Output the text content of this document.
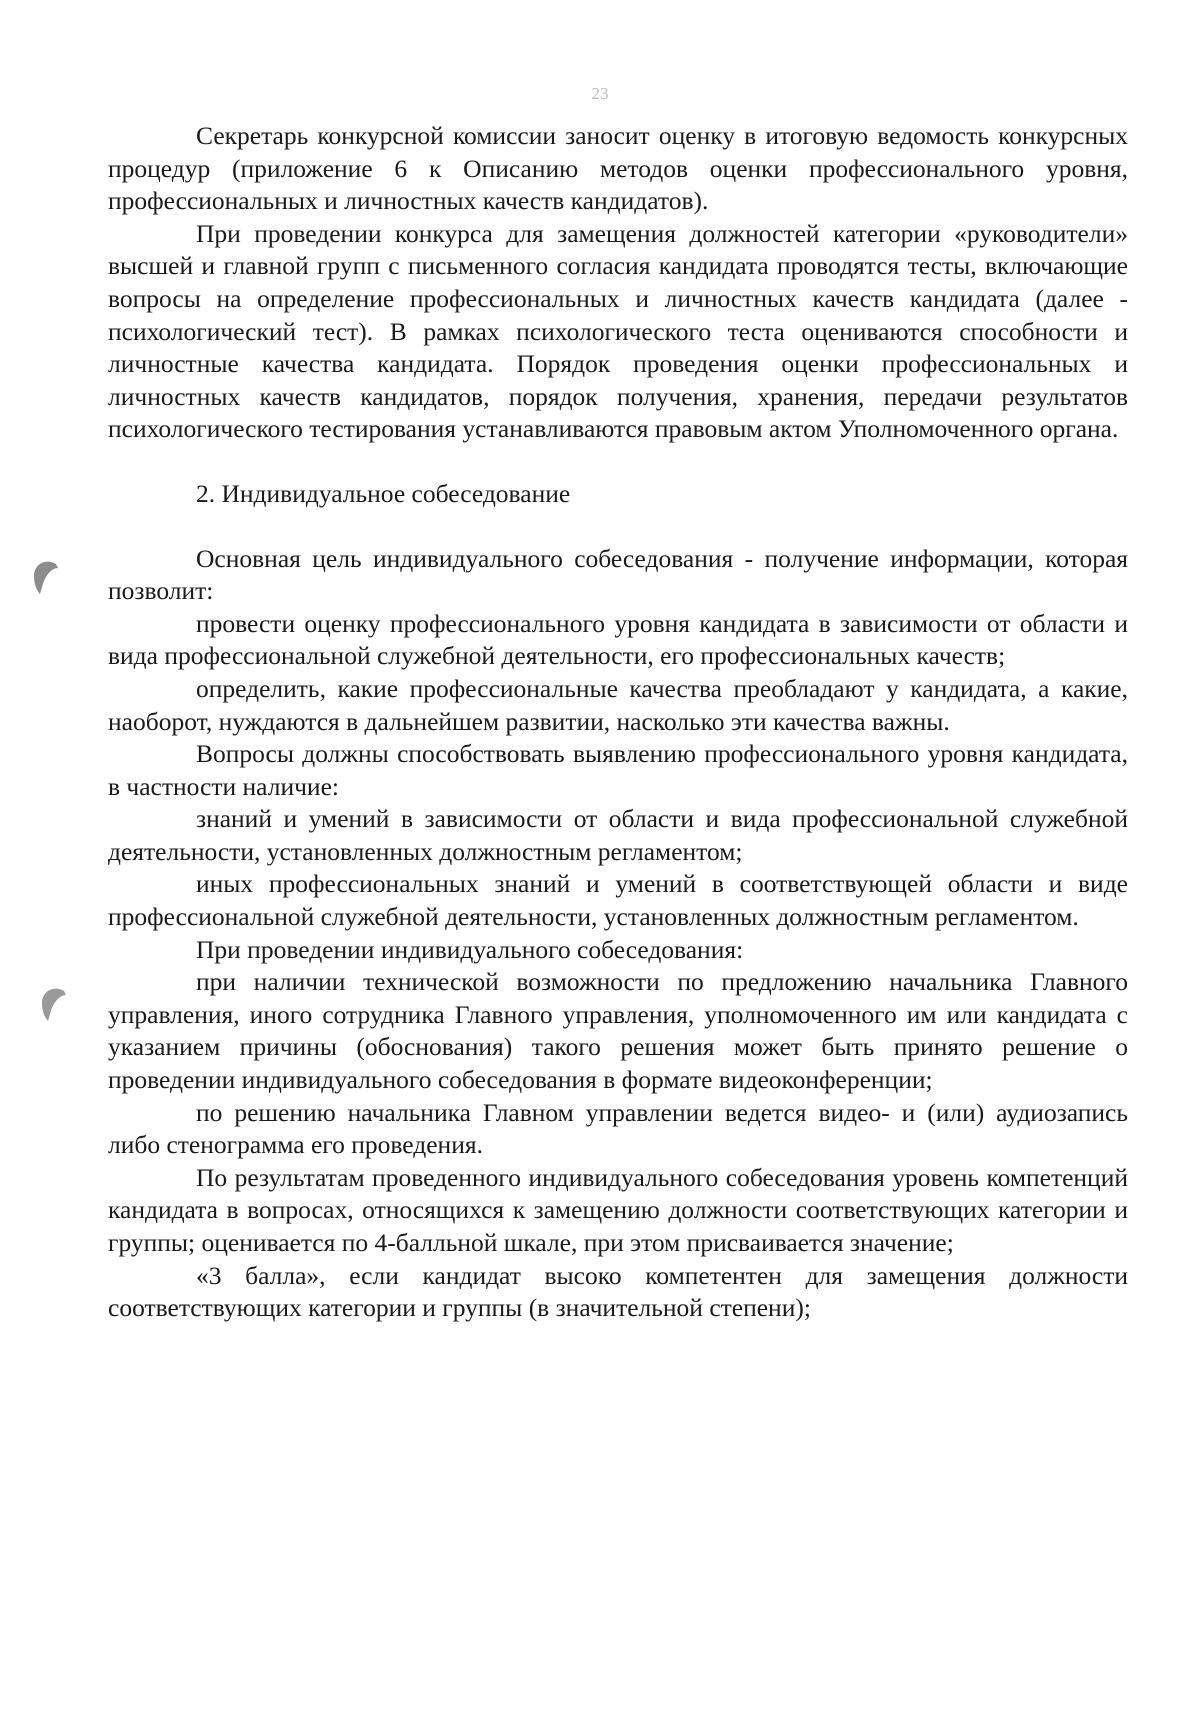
23

Секретарь конкурсной комиссии заносит оценку в итоговую ведомость конкурсных процедур (приложение 6 к Описанию методов оценки профессионального уровня, профессиональных и личностных качеств кандидатов).

При проведении конкурса для замещения должностей категории «руководители» высшей и главной групп с письменного согласия кандидата проводятся тесты, включающие вопросы на определение профессиональных и личностных качеств кандидата (далее - психологический тест). В рамках психологического теста оцениваются способности и личностные качества кандидата. Порядок проведения оценки профессиональных и личностных качеств кандидатов, порядок получения, хранения, передачи результатов психологического тестирования устанавливаются правовым актом Уполномоченного органа.

2. Индивидуальное собеседование

Основная цель индивидуального собеседования - получение информации, которая позволит:

провести оценку профессионального уровня кандидата в зависимости от области и вида профессиональной служебной деятельности, его профессиональных качеств;

определить, какие профессиональные качества преобладают у кандидата, а какие, наоборот, нуждаются в дальнейшем развитии, насколько эти качества важны.

Вопросы должны способствовать выявлению профессионального уровня кандидата, в частности наличие:

знаний и умений в зависимости от области и вида профессиональной служебной деятельности, установленных должностным регламентом;

иных профессиональных знаний и умений в соответствующей области и виде профессиональной служебной деятельности, установленных должностным регламентом.

При проведении индивидуального собеседования:

при наличии технической возможности по предложению начальника Главного управления, иного сотрудника Главного управления, уполномоченного им или кандидата с указанием причины (обоснования) такого решения может быть принято решение о проведении индивидуального собеседования в формате видеоконференции;

по решению начальника Главном управлении ведется видео- и (или) аудиозапись либо стенограмма его проведения.

По результатам проведенного индивидуального собеседования уровень компетенций кандидата в вопросах, относящихся к замещению должности соответствующих категории и группы; оценивается по 4-балльной шкале, при этом присваивается значение;

«3 балла», если кандидат высоко компетентен для замещения должности соответствующих категории и группы (в значительной степени);
